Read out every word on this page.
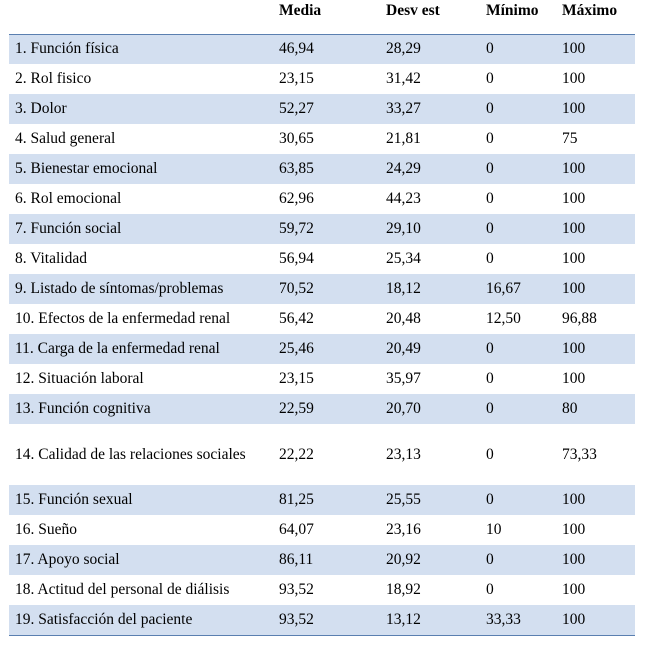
	Media	Desv est	Mínimo	Máximo
1. Función física	46,94	28,29	0	100
2. Rol fisico	23,15	31,42	0	100
3. Dolor	52,27	33,27	0	100
4. Salud general	30,65	21,81	0	75
5. Bienestar emocional	63,85	24,29	0	100
6. Rol emocional	62,96	44,23	0	100
7. Función social	59,72	29,10	0	100
8. Vitalidad	56,94	25,34	0	100
9. Listado de síntomas/problemas	70,52	18,12	16,67	100
10. Efectos de la enfermedad renal	56,42	20,48	12,50	96,88
11. Carga de la enfermedad renal	25,46	20,49	0	100
12. Situación laboral	23,15	35,97	0	100
13. Función cognitiva	22,59	20,70	0	80
14. Calidad de las relaciones sociales	22,22	23,13	0	73,33
15. Función sexual	81,25	25,55	0	100
16. Sueño	64,07	23,16	10	100
17. Apoyo social	86,11	20,92	0	100
18. Actitud del personal de diálisis	93,52	18,92	0	100
19. Satisfacción del paciente	93,52	13,12	33,33	100
